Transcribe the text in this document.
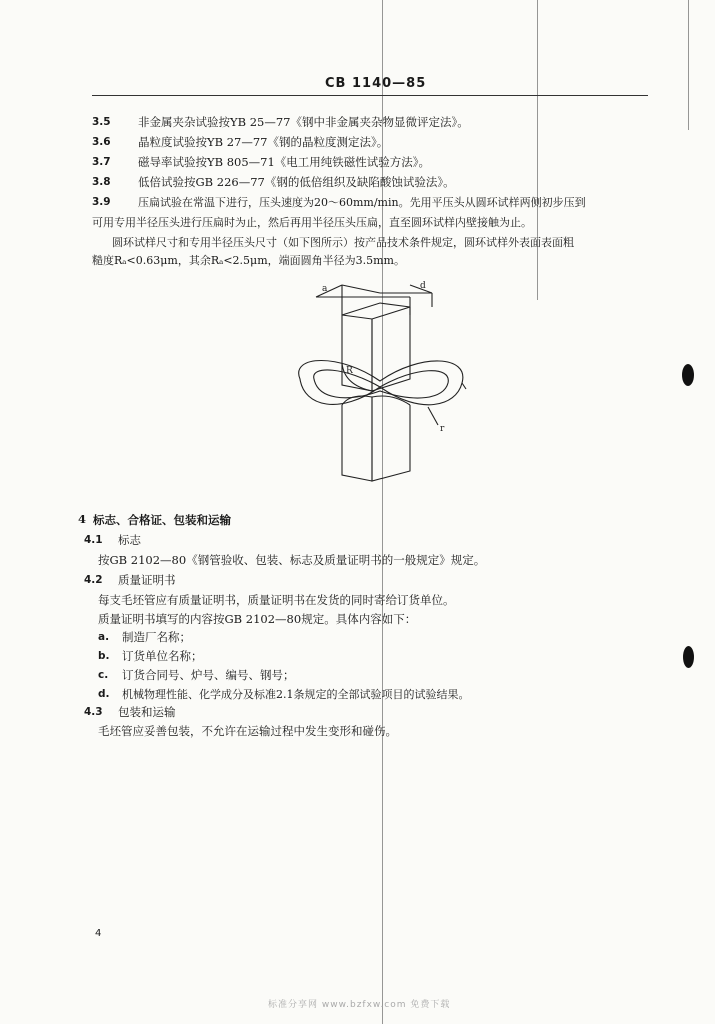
CB 1140—85
3.5 非金属夹杂试验按YB 25—77《钢中非金属夹杂物显微评定法》。
3.6 晶粒度试验按YB 27—77《钢的晶粒度测定法》。
3.7 磁导率试验按YB 805—71《电工用纯铁磁性试验方法》。
3.8 低倍试验按GB 226—77《钢的低倍组织及缺陷酸蚀试验法》。
3.9 压扁试验在常温下进行，压头速度为20～60mm/min。先用平压头从圆环试样两侧初步压到
可用专用半径压头进行压扁时为止，然后再用半径压头压扁，直至圆环试样内壁接触为止。
圆环试样尺寸和专用半径压头尺寸（如下图所示）按产品技术条件规定，圆环试样外表面表面粗
糙度Rₐ<0.63μm，其余Rₐ<2.5μm，端面圆角半径为3.5mm。
a	d
R
r
4 标志、合格证、包装和运输
4.1 标志
按GB 2102—80《钢管验收、包装、标志及质量证明书的一般规定》规定。
4.2 质量证明书
每支毛坯管应有质量证明书，质量证明书在发货的同时寄给订货单位。
质量证明书填写的内容按GB 2102—80规定。具体内容如下：
a. 制造厂名称；
b. 订货单位名称；
c. 订货合同号、炉号、编号、钢号；
d. 机械物理性能、化学成分及标准2.1条规定的全部试验项目的试验结果。
4.3 包装和运输
毛坯管应妥善包装，不允许在运输过程中发生变形和碰伤。
4
标准分享网 www.bzfxw.com 免费下载
